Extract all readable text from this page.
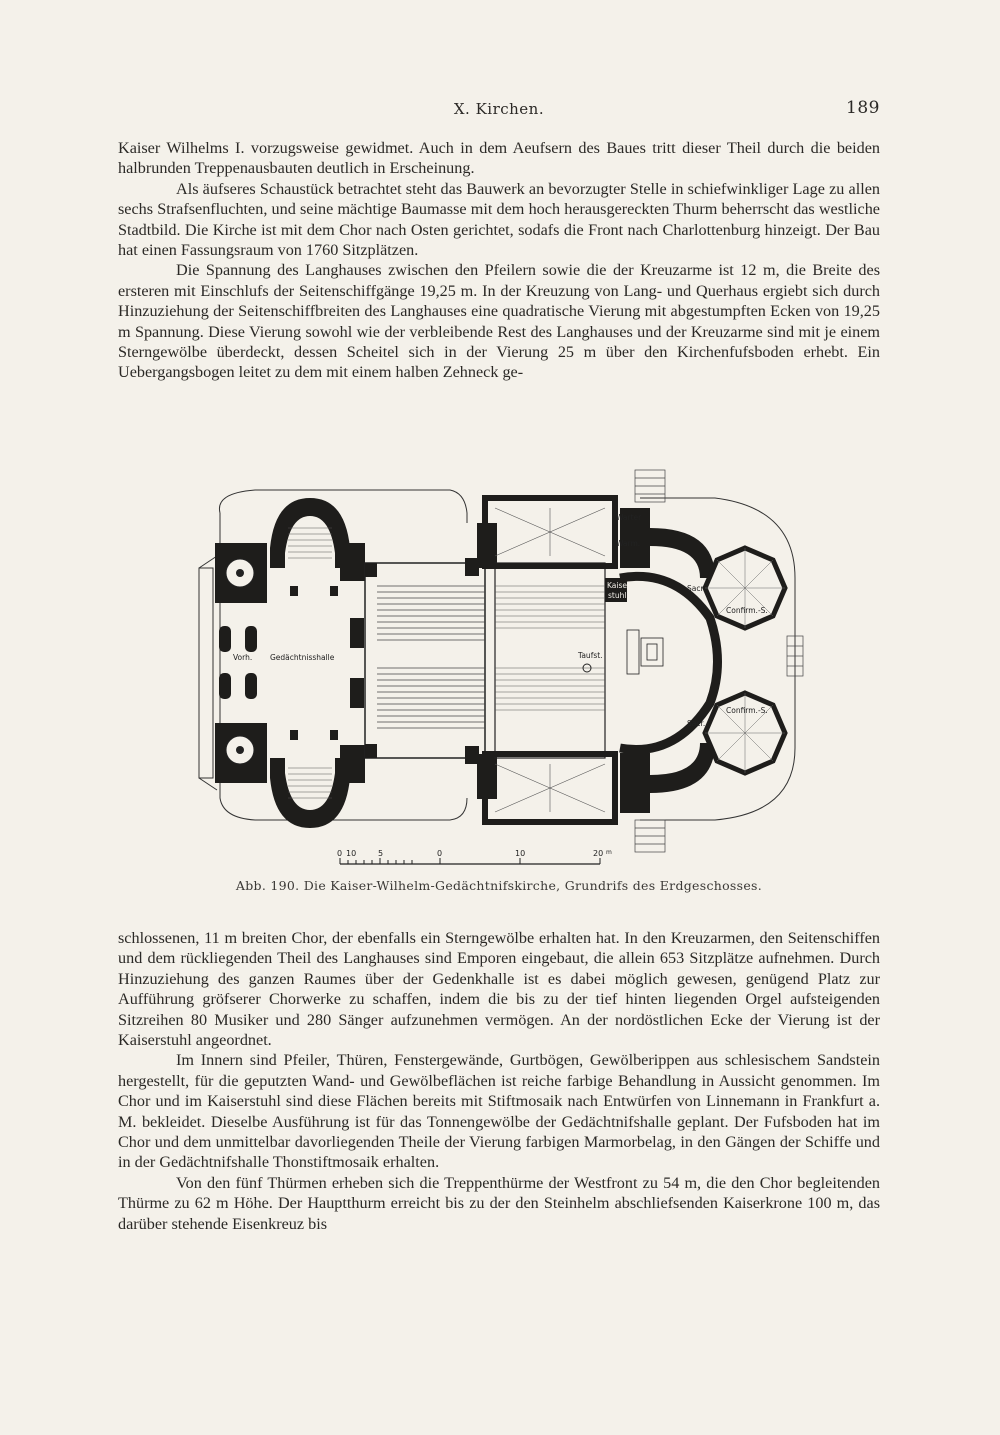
X. Kirchen.	189

Kaiser Wilhelms I. vorzugsweise gewidmet. Auch in dem Aeufsern des Baues tritt dieser Theil durch die beiden halbrunden Treppenausbauten deutlich in Erscheinung.

Als äufseres Schaustück betrachtet steht das Bauwerk an bevorzugter Stelle in schiefwinkliger Lage zu allen sechs Strafsenfluchten, und seine mächtige Baumasse mit dem hoch herausgereckten Thurm beherrscht das westliche Stadtbild. Die Kirche ist mit dem Chor nach Osten gerichtet, sodafs die Front nach Charlottenburg hinzeigt. Der Bau hat einen Fassungsraum von 1760 Sitzplätzen.

Die Spannung des Langhauses zwischen den Pfeilern sowie die der Kreuzarme ist 12 m, die Breite des ersteren mit Einschlufs der Seitenschiffgänge 19,25 m. In der Kreuzung von Lang- und Querhaus ergiebt sich durch Hinzuziehung der Seitenschiffbreiten des Langhauses eine quadratische Vierung mit abgestumpften Ecken von 19,25 m Spannung. Diese Vierung sowohl wie der verbleibende Rest des Langhauses und der Kreuzarme sind mit je einem Sterngewölbe überdeckt, dessen Scheitel sich in der Vierung 25 m über den Kirchenfufsboden erhebt. Ein Uebergangsbogen leitet zu dem mit einem halben Zehneck ge-

Vorh. Gedächtnisshalle	Taufst.
Kaiser
stuhl
Warter
Warm.
Sacr.
Sacr.
Confirm.-S.
Confirm.-S.
0 10	5	0	10	20 m
Abb. 190. Die Kaiser-Wilhelm-Gedächtnifskirche, Grundrifs des Erdgeschosses.

schlossenen, 11 m breiten Chor, der ebenfalls ein Sterngewölbe erhalten hat. In den Kreuzarmen, den Seitenschiffen und dem rückliegenden Theil des Langhauses sind Emporen eingebaut, die allein 653 Sitzplätze aufnehmen. Durch Hinzuziehung des ganzen Raumes über der Gedenkhalle ist es dabei möglich gewesen, genügend Platz zur Aufführung gröfserer Chorwerke zu schaffen, indem die bis zu der tief hinten liegenden Orgel aufsteigenden Sitzreihen 80 Musiker und 280 Sänger aufzunehmen vermögen. An der nordöstlichen Ecke der Vierung ist der Kaiserstuhl angeordnet.

Im Innern sind Pfeiler, Thüren, Fenstergewände, Gurtbögen, Gewölberippen aus schlesischem Sandstein hergestellt, für die geputzten Wand- und Gewölbeflächen ist reiche farbige Behandlung in Aussicht genommen. Im Chor und im Kaiserstuhl sind diese Flächen bereits mit Stiftmosaik nach Entwürfen von Linnemann in Frankfurt a. M. bekleidet. Dieselbe Ausführung ist für das Tonnengewölbe der Gedächtnifshalle geplant. Der Fufsboden hat im Chor und dem unmittelbar davorliegenden Theile der Vierung farbigen Marmorbelag, in den Gängen der Schiffe und in der Gedächtnifshalle Thonstiftmosaik erhalten.

Von den fünf Thürmen erheben sich die Treppenthürme der Westfront zu 54 m, die den Chor begleitenden Thürme zu 62 m Höhe. Der Hauptthurm erreicht bis zu der den Steinhelm abschliefsenden Kaiserkrone 100 m, das darüber stehende Eisenkreuz bis
